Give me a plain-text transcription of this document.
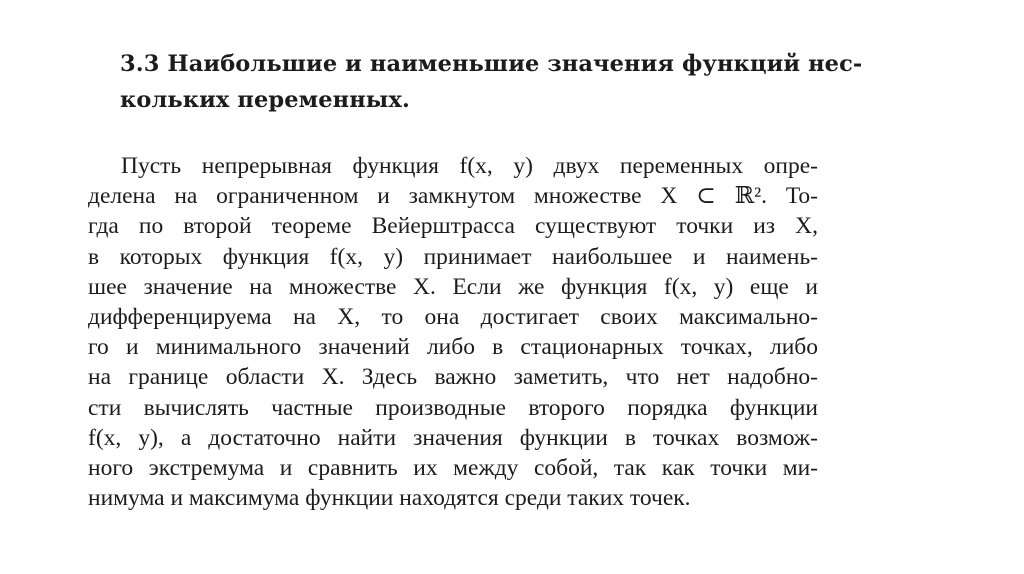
3.3 Наибольшие и наименьшие значения функций нес-
кольких переменных.
Пусть непрерывная функция f(x, y) двух переменных опре-
делена на ограниченном и замкнутом множестве X ⊂ ℝ². То-
гда по второй теореме Вейерштрасса существуют точки из X,
в которых функция f(x, y) принимает наибольшее и наимень-
шее значение на множестве X. Если же функция f(x, y) еще и
дифференцируема на X, то она достигает своих максимально-
го и минимального значений либо в стационарных точках, либо
на границе области X. Здесь важно заметить, что нет надобно-
сти вычислять частные производные второго порядка функции
f(x, y), а достаточно найти значения функции в точках возмож-
ного экстремума и сравнить их между собой, так как точки ми-
нимума и максимума функции находятся среди таких точек.
